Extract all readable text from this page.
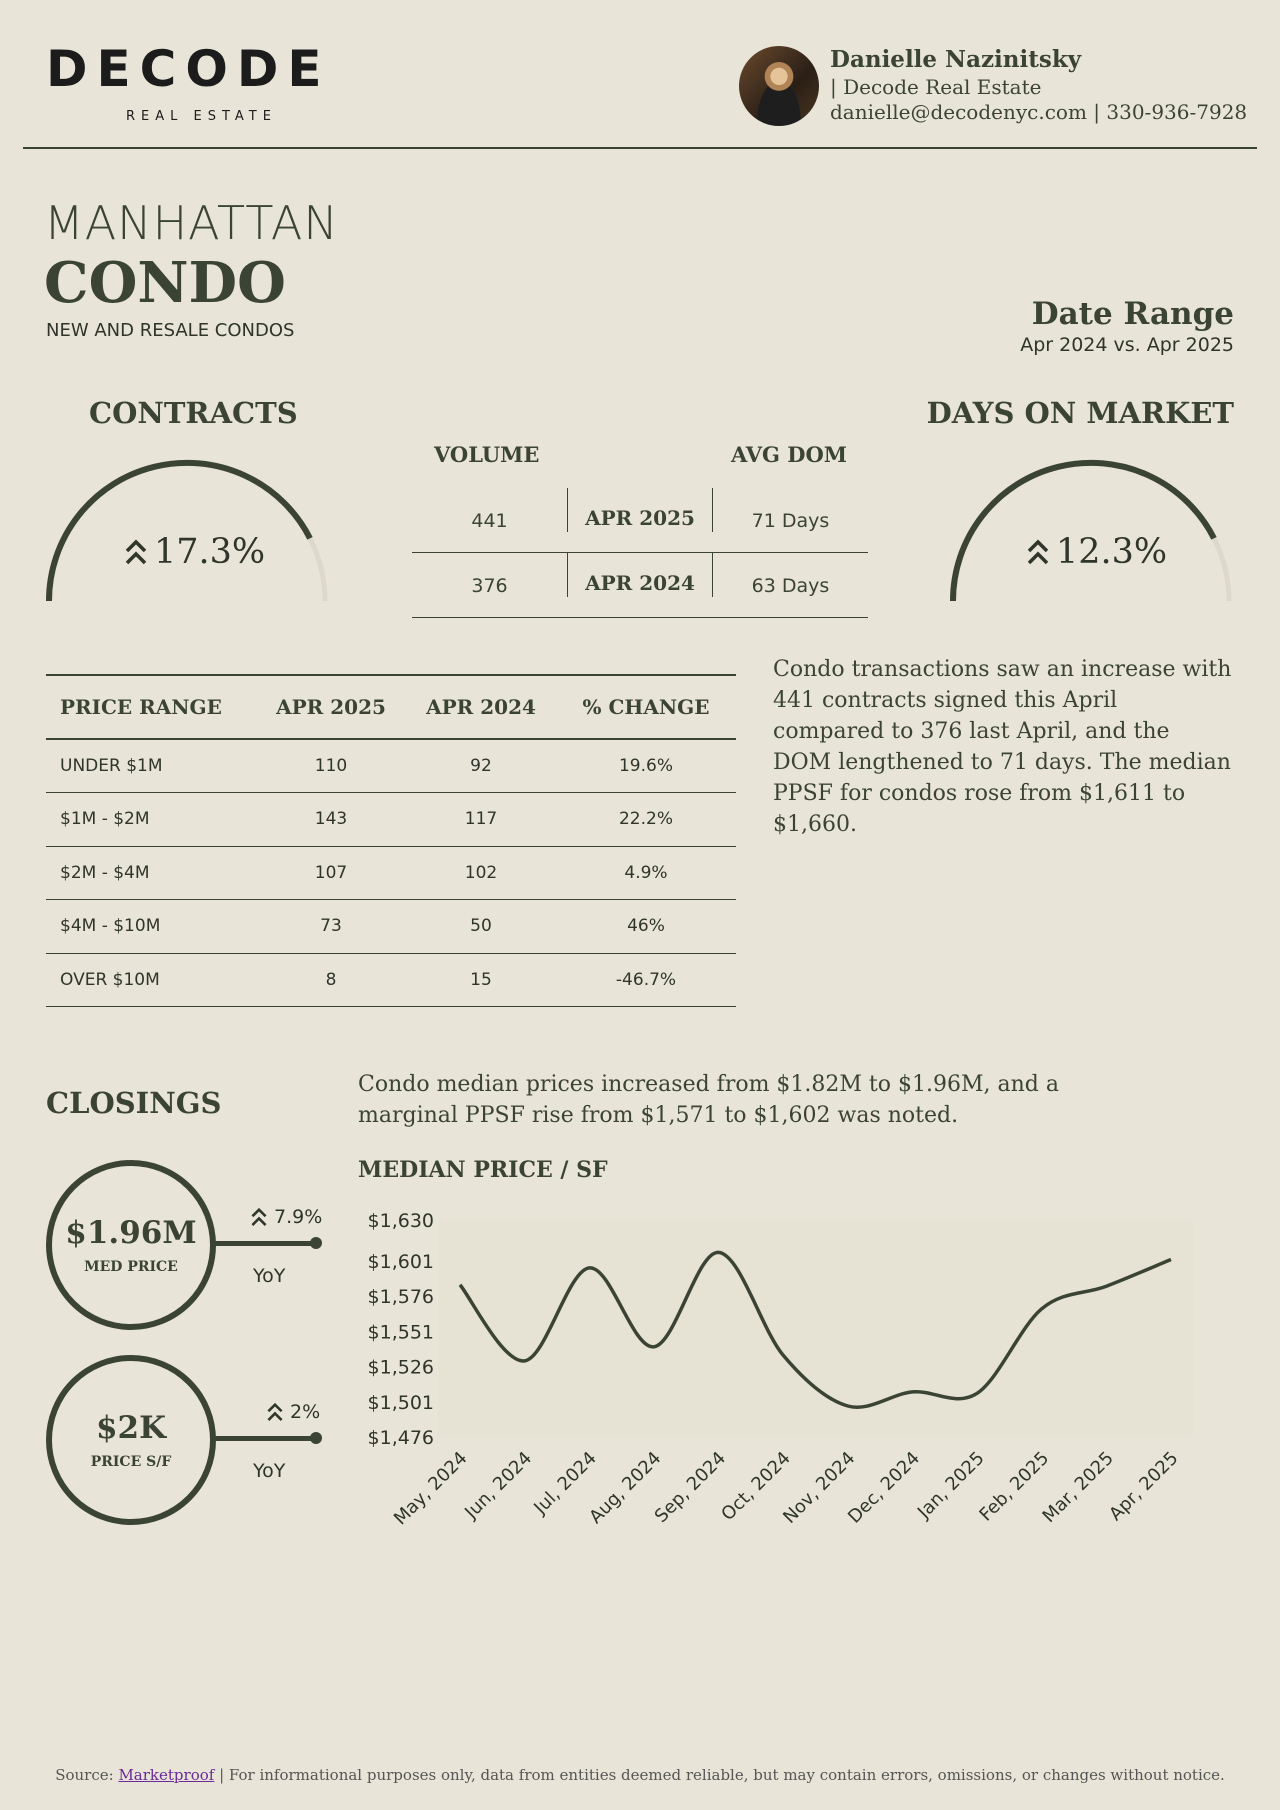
DECODE
REAL ESTATE
Danielle Nazinitsky
| Decode Real Estate
danielle@decodenyc.com | 330-936-7928
MANHATTAN
CONDO
NEW AND RESALE CONDOS	Date Range
Apr 2024 vs. Apr 2025
CONTRACTS
17.3%
VOLUME	AVG DOM
441	APR 2025	71 Days
376	APR 2024	63 Days
DAYS ON MARKET
12.3%
PRICE RANGE	APR 2025	APR 2024	% CHANGE
UNDER $1M	110	92	19.6%
$1M - $2M	143	117	22.2%
$2M - $4M	107	102	4.9%
$4M - $10M	73	50	46%
OVER $10M	8	15	-46.7%
Condo transactions saw an increase with 441 contracts signed this April compared to 376 last April, and the DOM lengthened to 71 days. The median PPSF for condos rose from $1,611 to $1,660.
CLOSINGS
Condo median prices increased from $1.82M to $1.96M, and a marginal PPSF rise from $1,571 to $1,602 was noted.
$1.96M
MED PRICE
7.9%
YoY
$2K
PRICE S/F
2%
YoY
MEDIAN PRICE / SF
$1,476
$1,501
$1,526
$1,551
$1,576
$1,601
$1,630
May, 2024
Jun, 2024
Jul, 2024
Aug, 2024
Sep, 2024
Oct, 2024
Nov, 2024
Dec, 2024
Jan, 2025
Feb, 2025
Mar, 2025
Apr, 2025
Source: Marketproof | For informational purposes only, data from entities deemed reliable, but may contain errors, omissions, or changes without notice.
